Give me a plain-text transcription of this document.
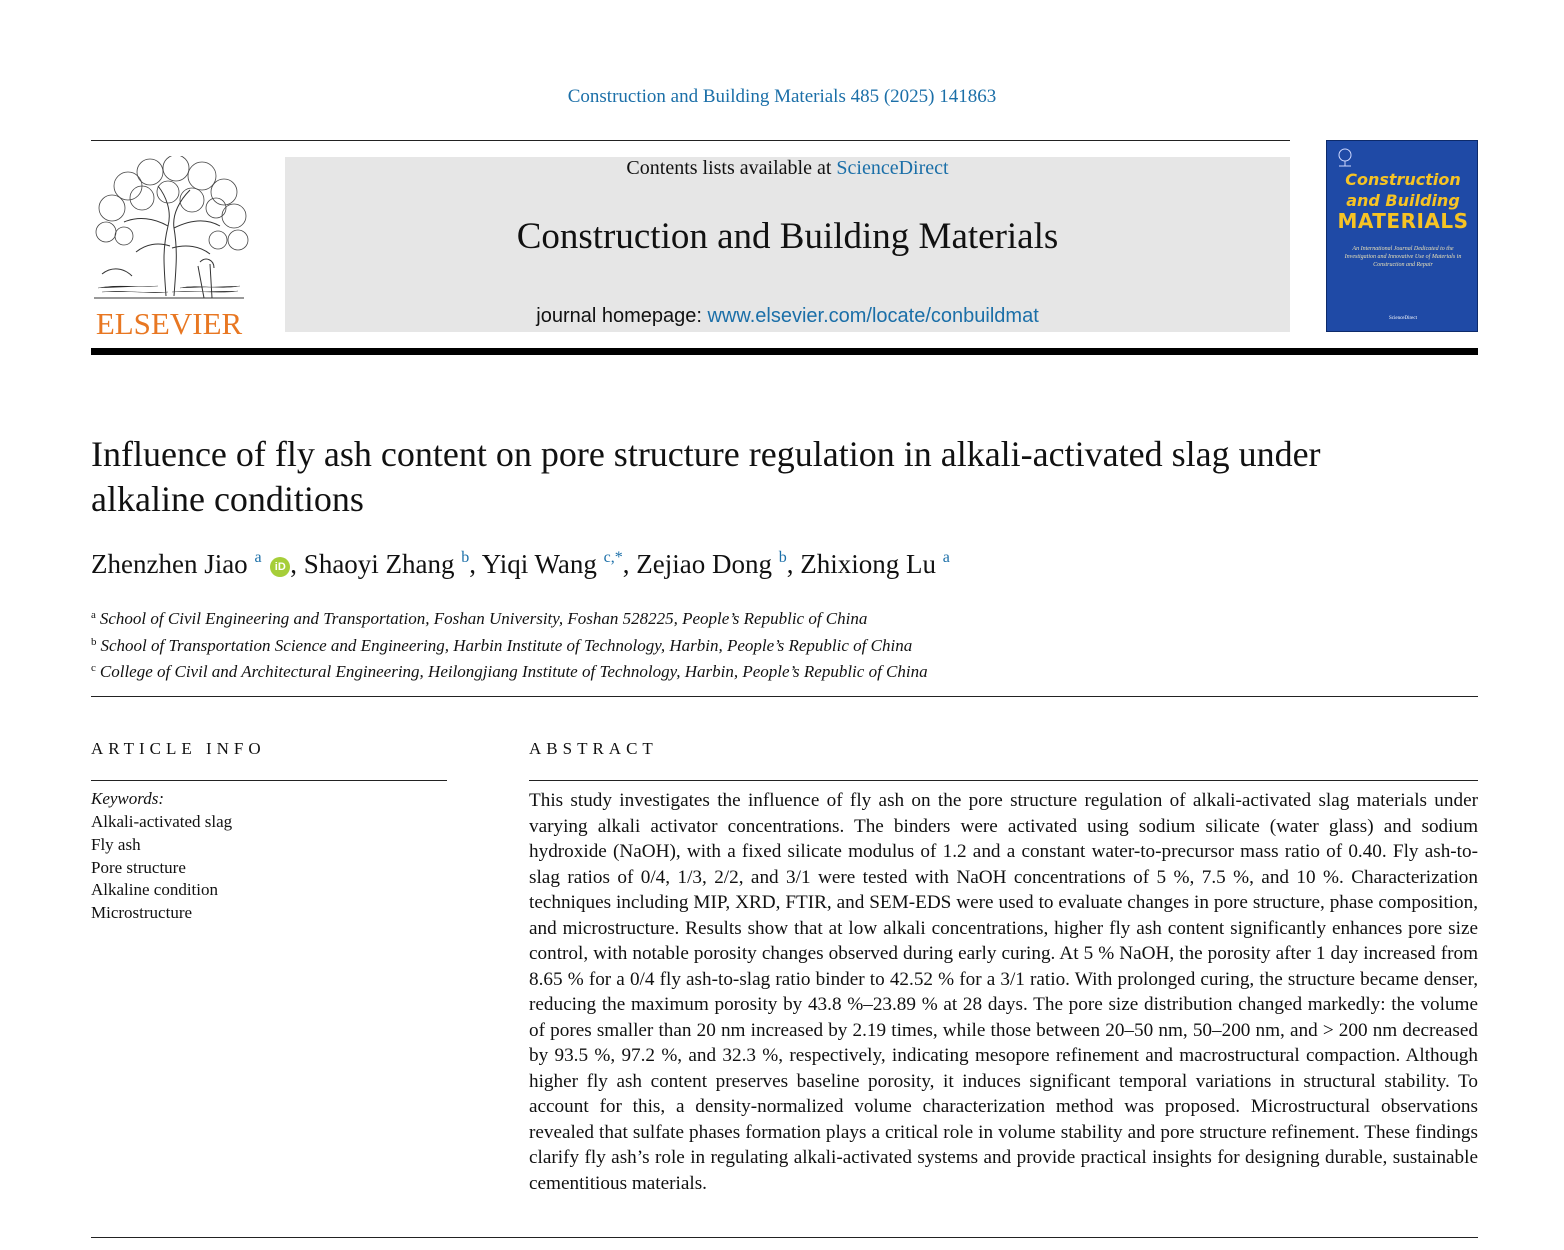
Construction and Building Materials 485 (2025) 141863
ELSEVIER
Contents lists available at ScienceDirect
Construction and Building Materials
journal homepage: www.elsevier.com/locate/conbuildmat
Construction
and Building
MATERIALS
An International Journal Dedicated to the Investigation and Innovative Use of Materials in Construction and Repair
ScienceDirect
Influence of fly ash content on pore structure regulation in alkali-activated slag under alkaline conditions
Zhenzhen Jiao $^a$ iD , Shaoyi Zhang $^b$, Yiqi Wang $^{c,*}$, Zejiao Dong $^b$, Zhixiong Lu $^a$
$^a$ School of Civil Engineering and Transportation, Foshan University, Foshan 528225, People’s Republic of China
$^b$ School of Transportation Science and Engineering, Harbin Institute of Technology, Harbin, People’s Republic of China
$^c$ College of Civil and Architectural Engineering, Heilongjiang Institute of Technology, Harbin, People’s Republic of China
ARTICLE INFO
Keywords:
Alkali-activated slag
Fly ash
Pore structure
Alkaline condition
Microstructure
ABSTRACT

This study investigates the influence of fly ash on the pore structure regulation of alkali-activated slag materials under varying alkali activator concentrations. The binders were activated using sodium silicate (water glass) and sodium hydroxide (NaOH), with a fixed silicate modulus of 1.2 and a constant water-to-precursor mass ratio of 0.40. Fly ash-to-slag ratios of 0/4, 1/3, 2/2, and 3/1 were tested with NaOH concentrations of 5 %, 7.5 %, and 10 %. Characterization techniques including MIP, XRD, FTIR, and SEM-EDS were used to evaluate changes in pore structure, phase composition, and microstructure. Results show that at low alkali concentrations, higher fly ash content significantly enhances pore size control, with notable porosity changes observed during early curing. At 5 % NaOH, the porosity after 1 day increased from 8.65 % for a 0/4 fly ash-to-slag ratio binder to 42.52 % for a 3/1 ratio. With prolonged curing, the structure became denser, reducing the maximum porosity by 43.8 %–23.89 % at 28 days. The pore size distribution changed markedly: the volume of pores smaller than 20 nm increased by 2.19 times, while those between 20–50 nm, 50–200 nm, and > 200 nm decreased by 93.5 %, 97.2 %, and 32.3 %, respectively, indicating mesopore refinement and macrostructural compaction. Although higher fly ash content preserves baseline porosity, it induces significant temporal variations in structural stability. To account for this, a density-normalized volume characterization method was proposed. Microstructural observations revealed that sulfate phases formation plays a critical role in volume stability and pore structure refinement. These findings clarify fly ash’s role in regulating alkali-activated systems and provide practical insights for designing durable, sustainable cementitious materials.
